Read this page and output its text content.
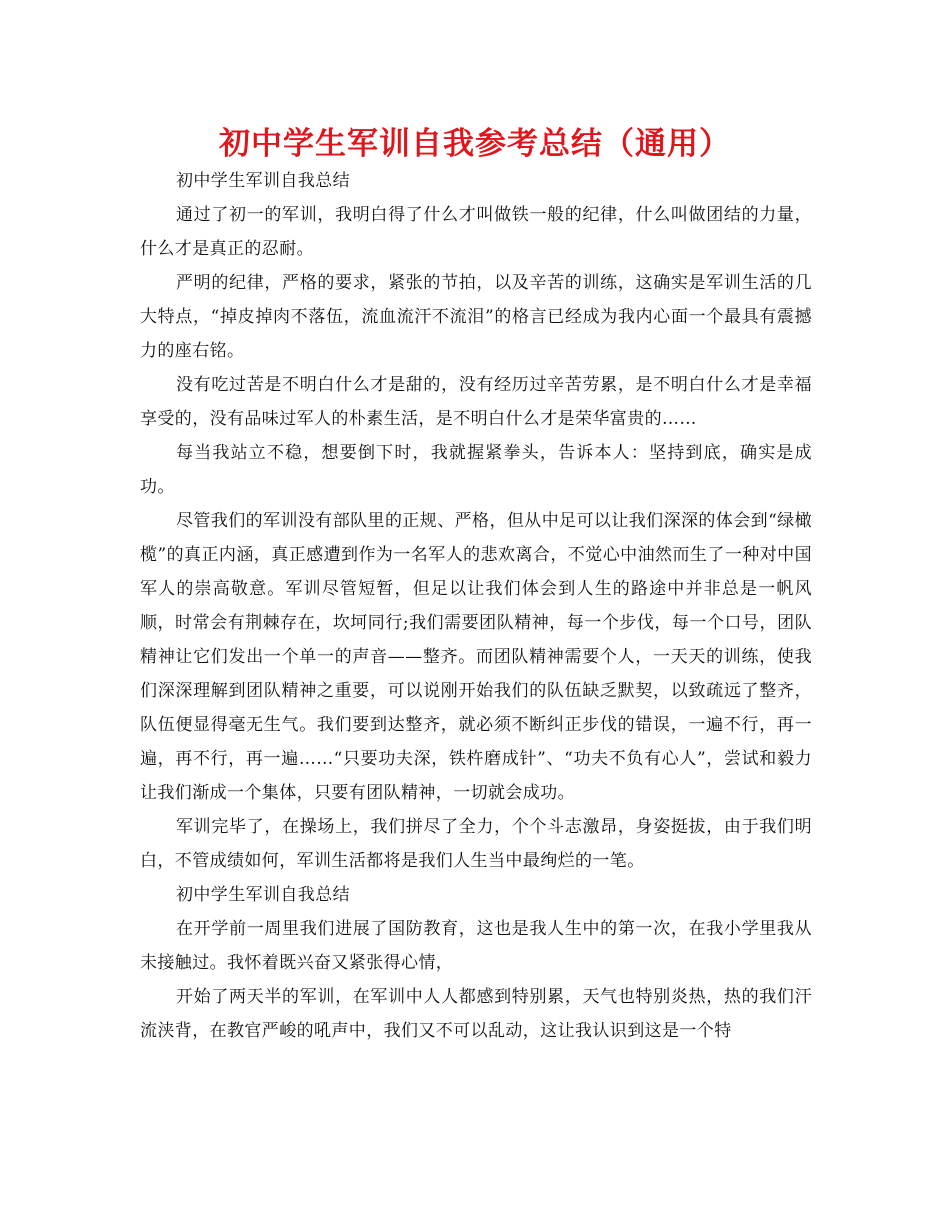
初中学生军训自我参考总结（通用）

初中学生军训自我总结

通过了初一的军训，我明白得了什么才叫做铁一般的纪律，什么叫做团结的力量，什么才是真正的忍耐。

严明的纪律，严格的要求，紧张的节拍，以及辛苦的训练，这确实是军训生活的几大特点，“掉皮掉肉不落伍，流血流汗不流泪”的格言已经成为我内心面一个最具有震撼力的座右铭。

没有吃过苦是不明白什么才是甜的，没有经历过辛苦劳累，是不明白什么才是幸福享受的，没有品味过军人的朴素生活，是不明白什么才是荣华富贵的……

每当我站立不稳，想要倒下时，我就握紧拳头，告诉本人：坚持到底，确实是成功。

尽管我们的军训没有部队里的正规、严格，但从中足可以让我们深深的体会到“绿橄榄”的真正内涵，真正感遭到作为一名军人的悲欢离合，不觉心中油然而生了一种对中国军人的崇高敬意。军训尽管短暂，但足以让我们体会到人生的路途中并非总是一帆风顺，时常会有荆棘存在，坎坷同行;我们需要团队精神，每一个步伐，每一个口号，团队精神让它们发出一个单一的声音——整齐。而团队精神需要个人，一天天的训练，使我们深深理解到团队精神之重要，可以说刚开始我们的队伍缺乏默契，以致疏远了整齐，队伍便显得毫无生气。我们要到达整齐，就必须不断纠正步伐的错误，一遍不行，再一遍，再不行，再一遍……“只要功夫深，铁杵磨成针”、“功夫不负有心人”，尝试和毅力让我们渐成一个集体，只要有团队精神，一切就会成功。

军训完毕了，在操场上，我们拼尽了全力，个个斗志激昂，身姿挺拔，由于我们明白，不管成绩如何，军训生活都将是我们人生当中最绚烂的一笔。

初中学生军训自我总结

在开学前一周里我们进展了国防教育，这也是我人生中的第一次，在我小学里我从未接触过。我怀着既兴奋又紧张得心情，

开始了两天半的军训，在军训中人人都感到特别累，天气也特别炎热，热的我们汗流浃背，在教官严峻的吼声中，我们又不可以乱动，这让我认识到这是一个特
